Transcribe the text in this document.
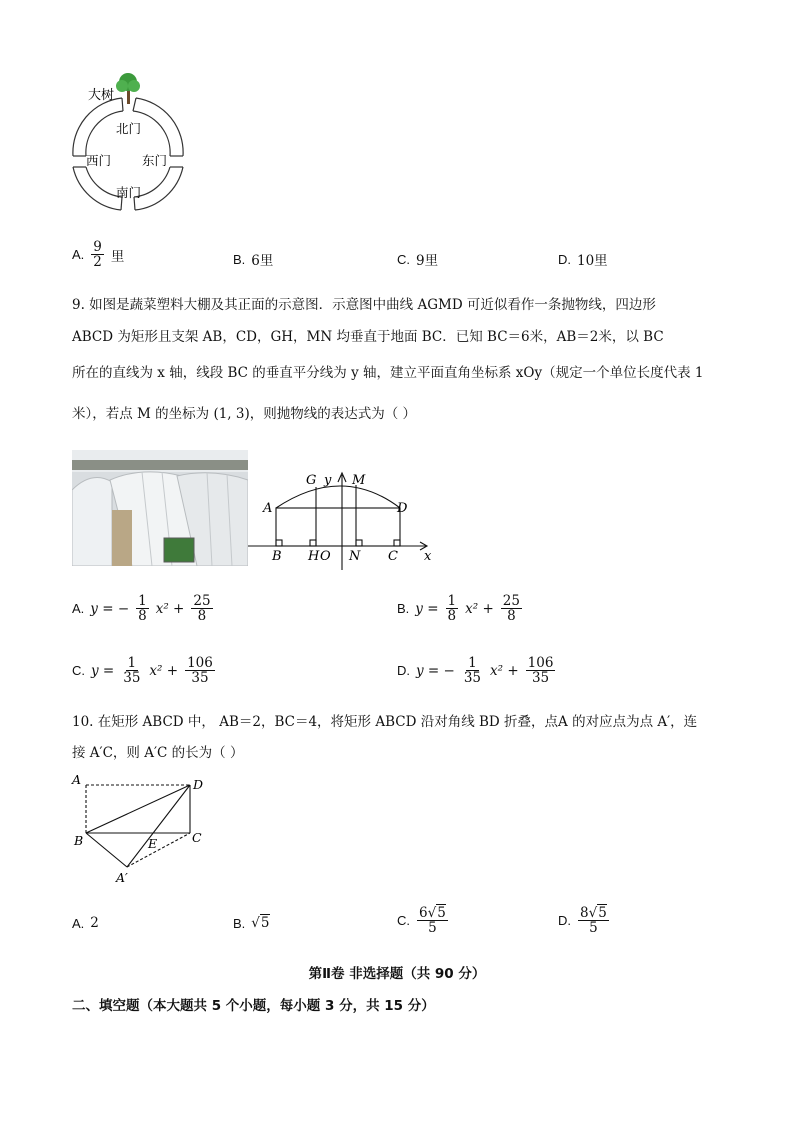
大树
北门
西门 东门
南门
A. $\frac{9}{2}$ 里	B. 6里	C. 9里	D. 10里
9. 如图是蔬菜塑料大棚及其正面的示意图．示意图中曲线 AGMD 可近似看作一条抛物线，四边形
ABCD 为矩形且支架 AB，CD，GH，MN 均垂直于地面 BC．已知 BC＝6米，AB＝2米，以 BC
所在的直线为 x 轴，线段 BC 的垂直平分线为 y 轴，建立平面直角坐标系 xOy（规定一个单位长度代表 1
米），若点 M 的坐标为 (1, 3)，则抛物线的表达式为（ ）
y
x
G	M
A	D
B H O N C
A. y = − $\frac{1}{8} x^2 + \frac{25}{8}$	B. $y = \frac{1}{8} x^2 + \frac{25}{8}$
C. $y = \frac{1}{35} x^2 + \frac{106}{35}$	D. y = − $\frac{1}{35} x^2 + \frac{106}{35}$
10. 在矩形 ABCD 中， AB＝2，BC＝4，将矩形 ABCD 沿对角线 BD 折叠，点A 的对应点为点 A′，连
接 A′C，则 A′C 的长为（ ）
A	D
B	C
E
A′
A. 2	B. √5	C. $\frac{6√5}{5}$	D. $\frac{8√5}{5}$
第Ⅱ卷 非选择题（共 90 分）
二、填空题（本大题共 5 个小题，每小题 3 分，共 15 分）
